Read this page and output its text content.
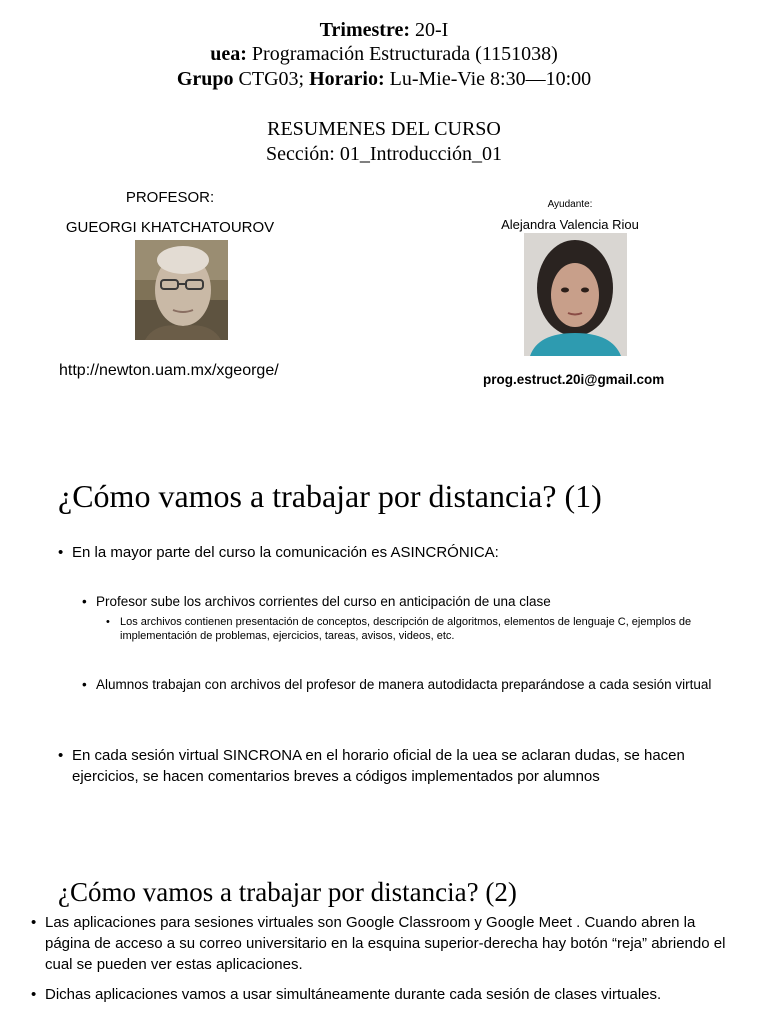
Trimestre: 20-I
uea: Programación Estructurada (1151038)
Grupo CTG03; Horario: Lu-Mie-Vie 8:30—10:00
RESUMENES DEL CURSO
Sección: 01_Introducción_01
PROFESOR:
GUEORGI KHATCHATOUROV
http://newton.uam.mx/xgeorge/
Ayudante:
Alejandra Valencia Riou
prog.estruct.20i@gmail.com
¿Cómo vamos a trabajar por distancia? (1)
• En la mayor parte del curso la comunicación es ASINCRÓNICA:
• Profesor sube los archivos corrientes del curso en anticipación de una clase
• Los archivos contienen presentación de conceptos, descripción de algoritmos, elementos de lenguaje C, ejemplos de implementación de problemas, ejercicios, tareas, avisos, videos, etc.
• Alumnos trabajan con archivos del profesor de manera autodidacta preparándose a cada sesión virtual
• En cada sesión virtual SINCRONA en el horario oficial de la uea se aclaran dudas, se hacen ejercicios, se hacen comentarios breves a códigos implementados por alumnos
¿Cómo vamos a trabajar por distancia? (2)
• Las aplicaciones para sesiones virtuales son Google Classroom y Google Meet . Cuando abren la página de acceso a su correo universitario en la esquina superior-derecha hay botón “reja” abriendo el cual se pueden ver estas aplicaciones.
• Dichas aplicaciones vamos a usar simultáneamente durante cada sesión de clases virtuales.
